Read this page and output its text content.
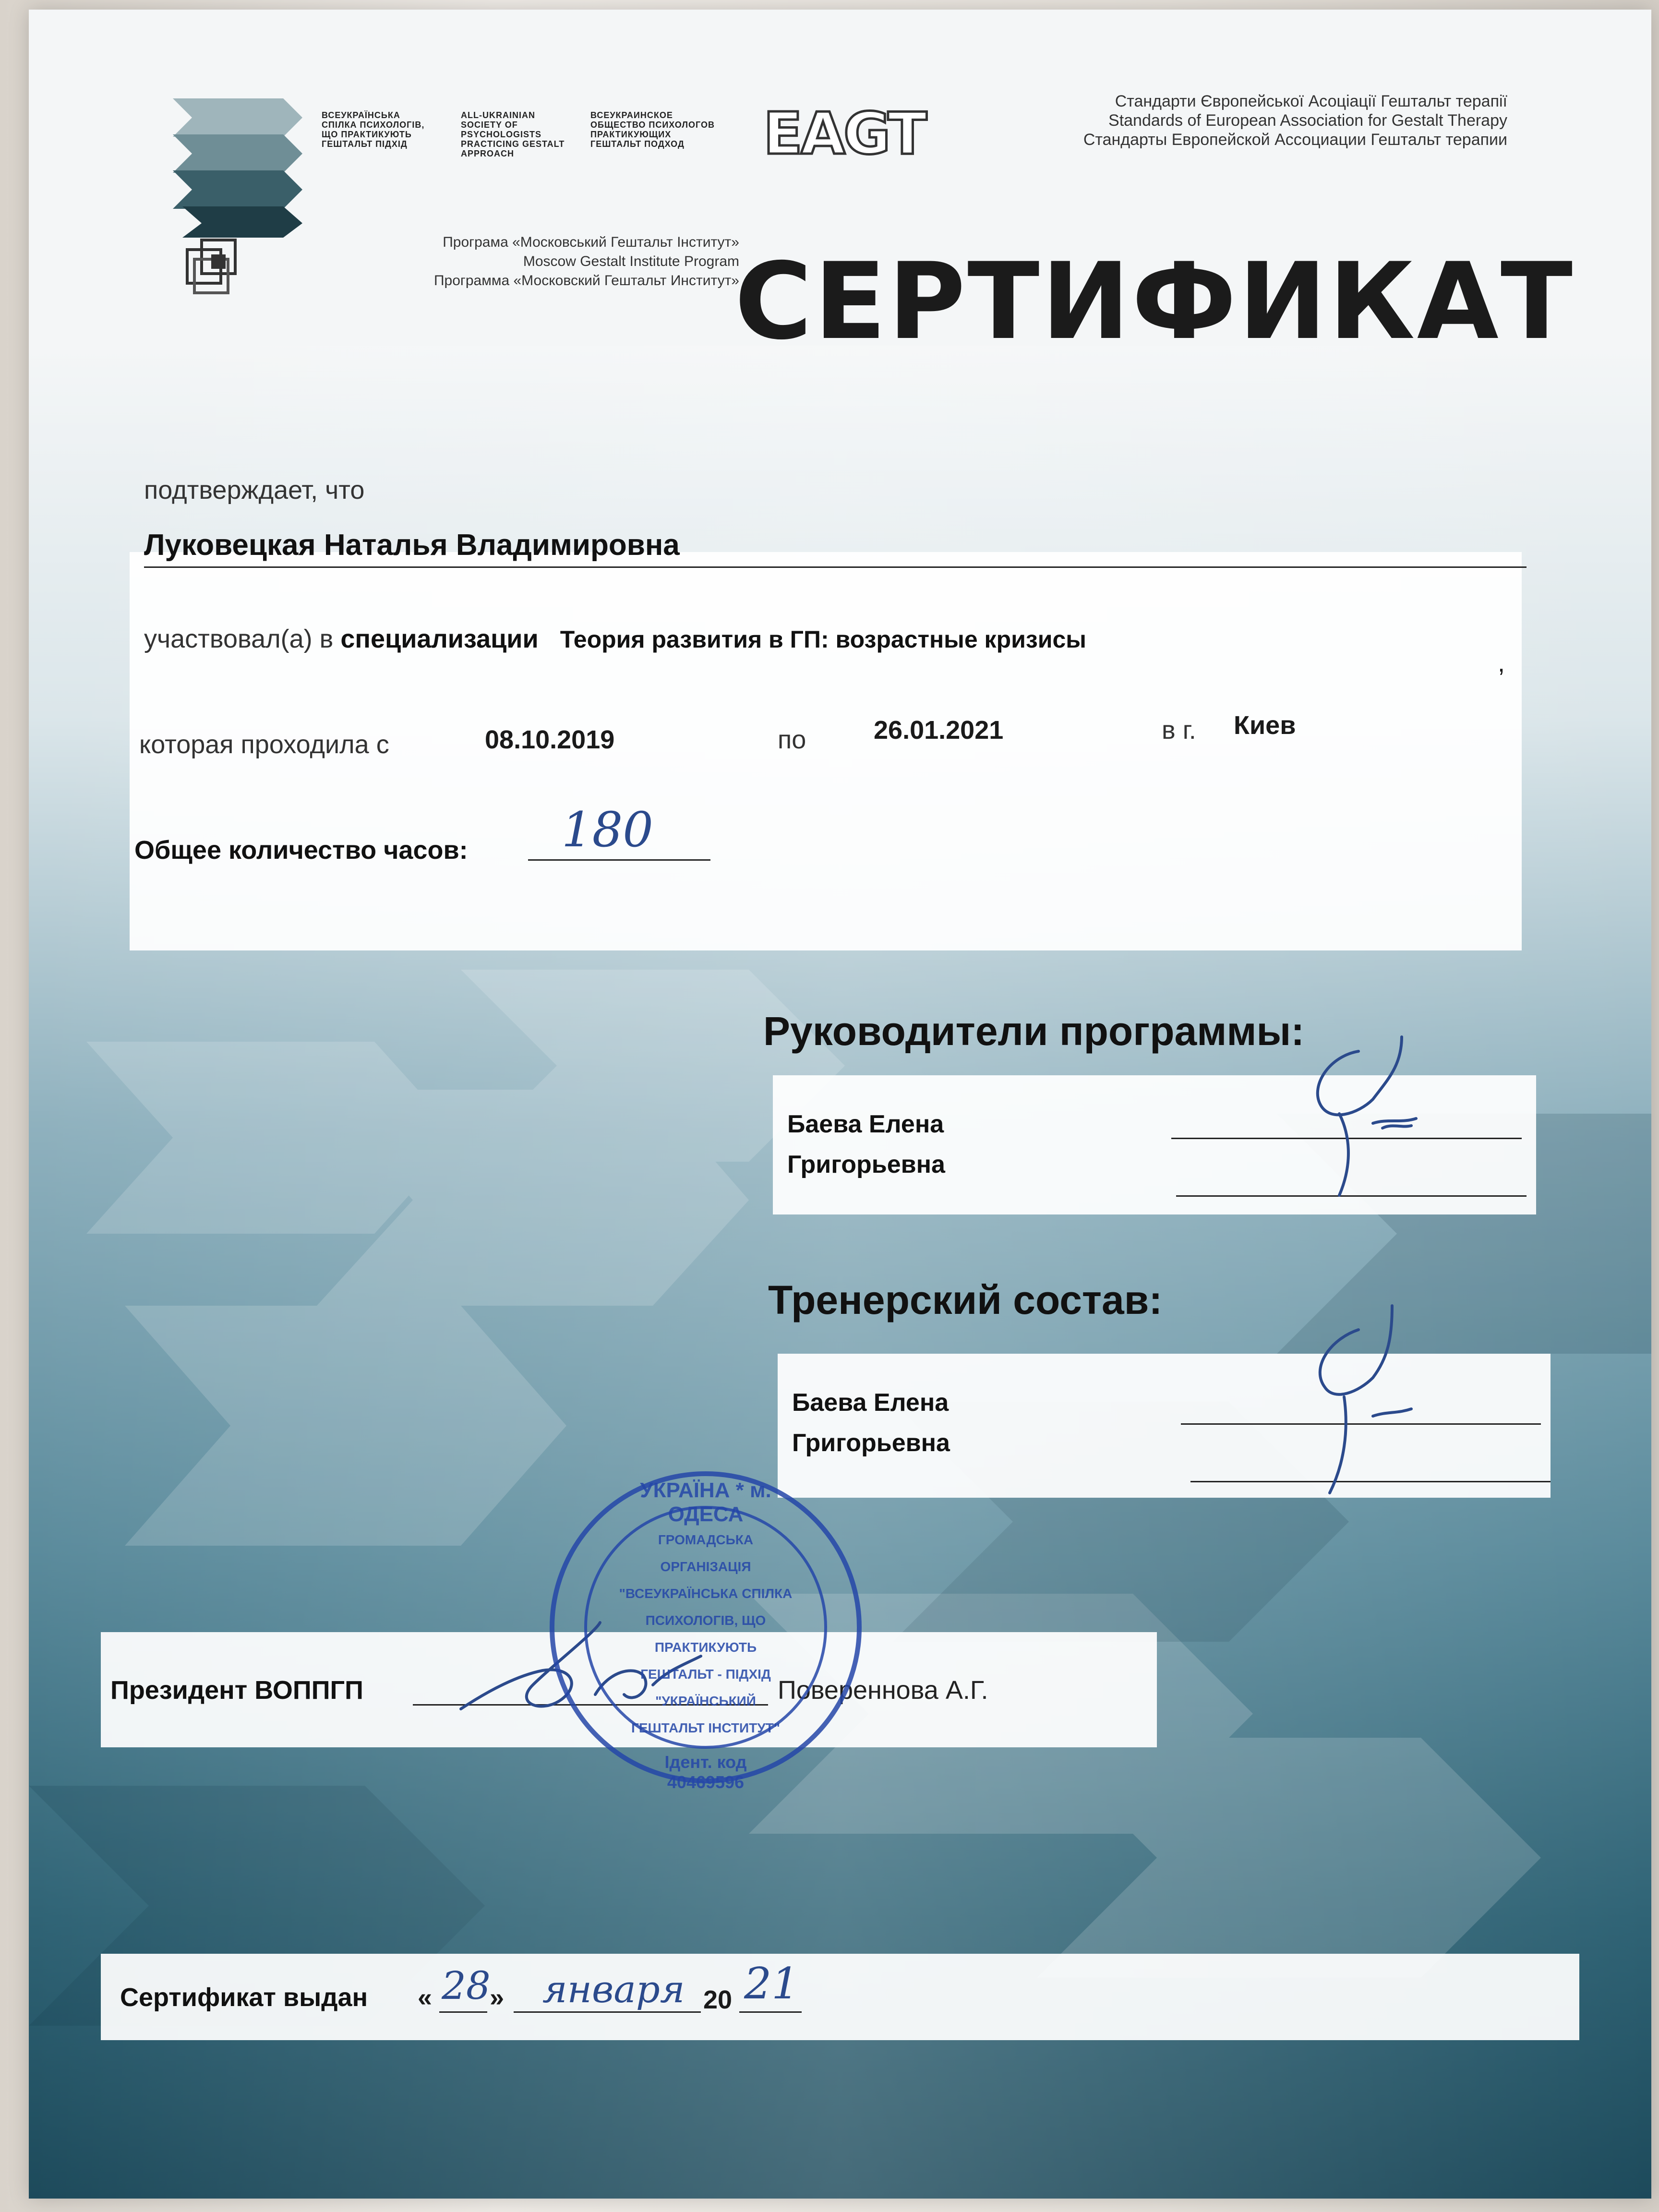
ВСЕУКРАЇНСЬКА СПІЛКА ПСИХОЛОГІВ, ЩО ПРАКТИКУЮТЬ ГЕШТАЛЬТ ПІДХІД
ALL-UKRAINIAN SOCIETY OF PSYCHOLOGISTS PRACTICING GESTALT APPROACH
ВСЕУКРАИНСКОЕ ОБЩЕСТВО ПСИХОЛОГОВ ПРАКТИКУЮЩИХ ГЕШТАЛЬТ ПОДХОД	EAGT	Стандарти Європейської Асоціації Гештальт терапії
Standards of European Association for Gestalt Therapy
Стандарты Европейской Ассоциации Гештальт терапии
Програма «Московський Гештальт Інститут»
Moscow Gestalt Institute Program
Программа «Московский Гештальт Институт»
СЕРТИФИКАТ
подтверждает, что
Луковецкая Наталья Владимировна
участвовал(а) в специализации Теория развития в ГП: возрастные кризисы
,
которая проходила с	08.10.2019	по	26.01.2021	в г. Киев
Общее количество часов: 180
Руководители программы:
Баева Елена
Григорьевна
Тренерский состав:
Баева Елена
Григорьевна
Президент ВОППГП	Повереннова А.Г.
УКРАЇНА * м. ОДЕСА
ГРОМАДСЬКА
ОРГАНІЗАЦІЯ
"ВСЕУКРАЇНСЬКА СПІЛКА
ПСИХОЛОГІВ, ЩО ПРАКТИКУЮТЬ
ГЕШТАЛЬТ - ПІДХІД
"УКРАЇНСЬКИЙ
ГЕШТАЛЬТ ІНСТИТУТ"
Ідент. код 40469596
Сертификат выдан « 28
» января 20 21
